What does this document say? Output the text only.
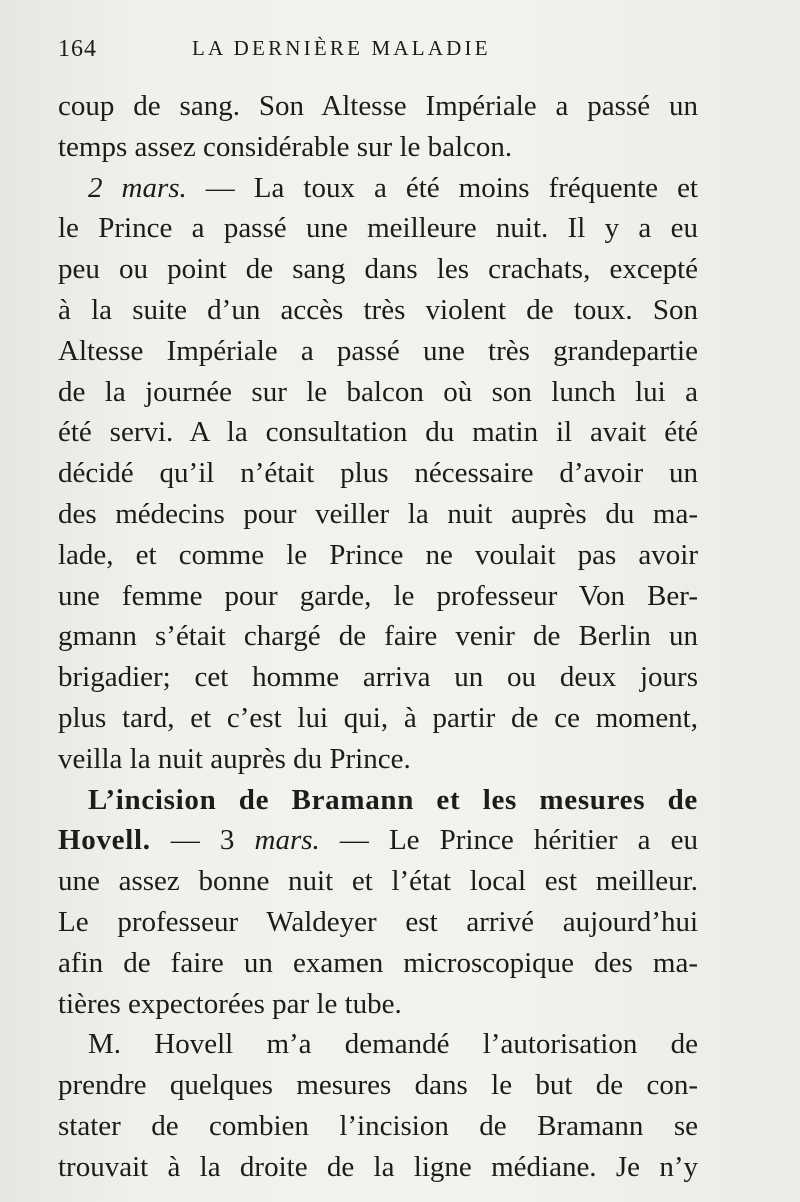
164	LA DERNIÈRE MALADIE
coup de sang. Son Altesse Impériale a passé un
temps assez considérable sur le balcon.
2 mars. — La toux a été moins fréquente et
le Prince a passé une meilleure nuit. Il y a eu
peu ou point de sang dans les crachats, excepté
à la suite d’un accès très violent de toux. Son
Altesse Impériale a passé une très grandepartie
de la journée sur le balcon où son lunch lui a
été servi. A la consultation du matin il avait été
décidé qu’il n’était plus nécessaire d’avoir un
des médecins pour veiller la nuit auprès du ma-
lade, et comme le Prince ne voulait pas avoir
une femme pour garde, le professeur Von Ber-
gmann s’était chargé de faire venir de Berlin un
brigadier; cet homme arriva un ou deux jours
plus tard, et c’est lui qui, à partir de ce moment,
veilla la nuit auprès du Prince.
L’incision de Bramann et les mesures de
Hovell. — 3 mars. — Le Prince héritier a eu
une assez bonne nuit et l’état local est meilleur.
Le professeur Waldeyer est arrivé aujourd’hui
afin de faire un examen microscopique des ma-
tières expectorées par le tube.
M. Hovell m’a demandé l’autorisation de
prendre quelques mesures dans le but de con-
stater de combien l’incision de Bramann se
trouvait à la droite de la ligne médiane. Je n’y
